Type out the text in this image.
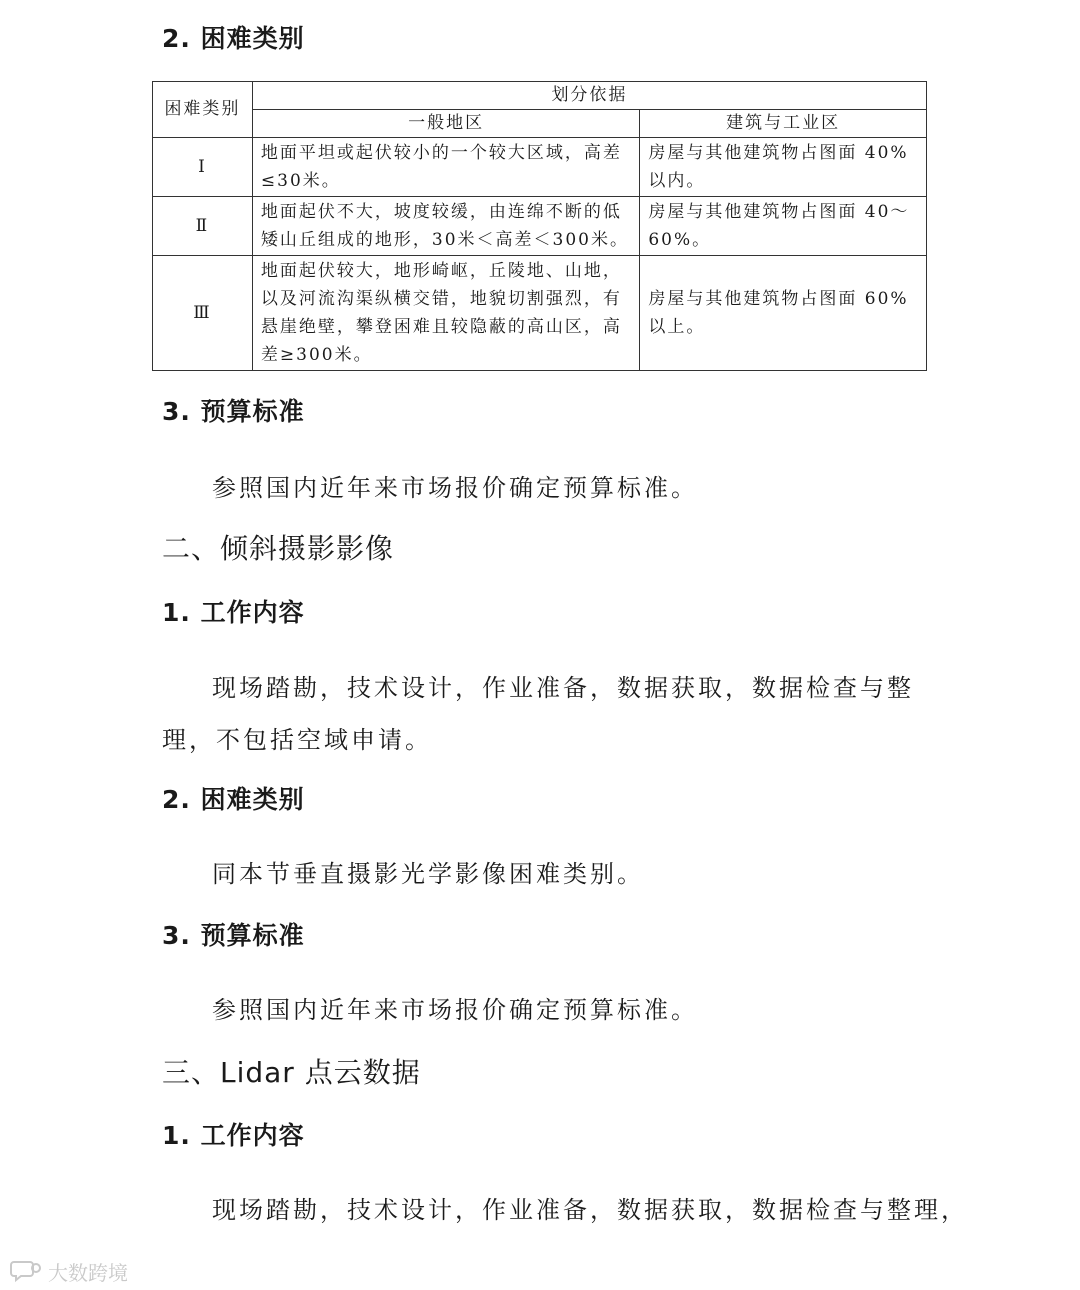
2. 困难类别
困难类别	划分依据	
	一般地区	建筑与工业区
Ⅰ	地面平坦或起伏较小的一个较大区域，高差≤30米。	房屋与其他建筑物占图面 40%以内。
Ⅱ	地面起伏不大，坡度较缓，由连绵不断的低矮山丘组成的地形，30米＜高差＜300米。	房屋与其他建筑物占图面 40～60%。
Ⅲ	地面起伏较大，地形崎岖，丘陵地、山地，以及河流沟渠纵横交错，地貌切割强烈，有悬崖绝壁，攀登困难且较隐蔽的高山区，高差≥300米。	房屋与其他建筑物占图面 60%以上。
3. 预算标准
参照国内近年来市场报价确定预算标准。
二、倾斜摄影影像
1. 工作内容
现场踏勘，技术设计，作业准备，数据获取，数据检查与整理，不包括空域申请。
2. 困难类别
同本节垂直摄影光学影像困难类别。
3. 预算标准
参照国内近年来市场报价确定预算标准。
三、Lidar 点云数据
1. 工作内容
现场踏勘，技术设计，作业准备，数据获取，数据检查与整理，
大数跨境
